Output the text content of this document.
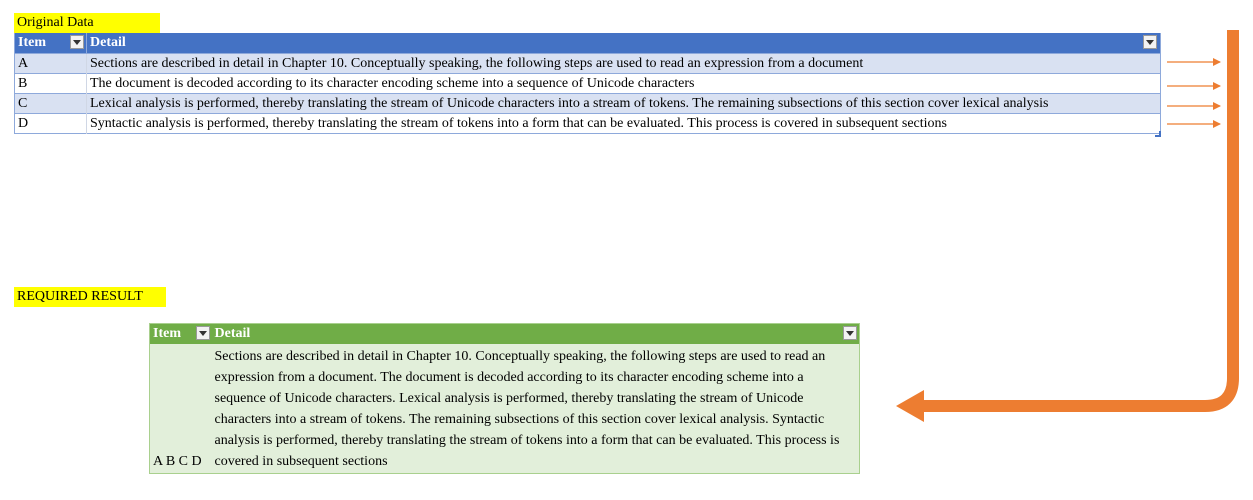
Original Data
Item	Detail

A	Sections are described in detail in Chapter 10. Conceptually speaking, the following steps are used to read an expression from a document
B	The document is decoded according to its character encoding scheme into a sequence of Unicode characters
C	Lexical analysis is performed, thereby translating the stream of Unicode characters into a stream of tokens. The remaining subsections of this section cover lexical analysis
D	Syntactic analysis is performed, thereby translating the stream of tokens into a form that can be evaluated. This process is covered in subsequent sections
REQUIRED RESULT
Item	Detail

A B C D	Sections are described in detail in Chapter 10. Conceptually speaking, the following steps are used to read an expression from a document. The document is decoded according to its character encoding scheme into a sequence of Unicode characters. Lexical analysis is performed, thereby translating the stream of Unicode characters into a stream of tokens. The remaining subsections of this section cover lexical analysis. Syntactic analysis is performed, thereby translating the stream of tokens into a form that can be evaluated. This process is covered in subsequent sections
